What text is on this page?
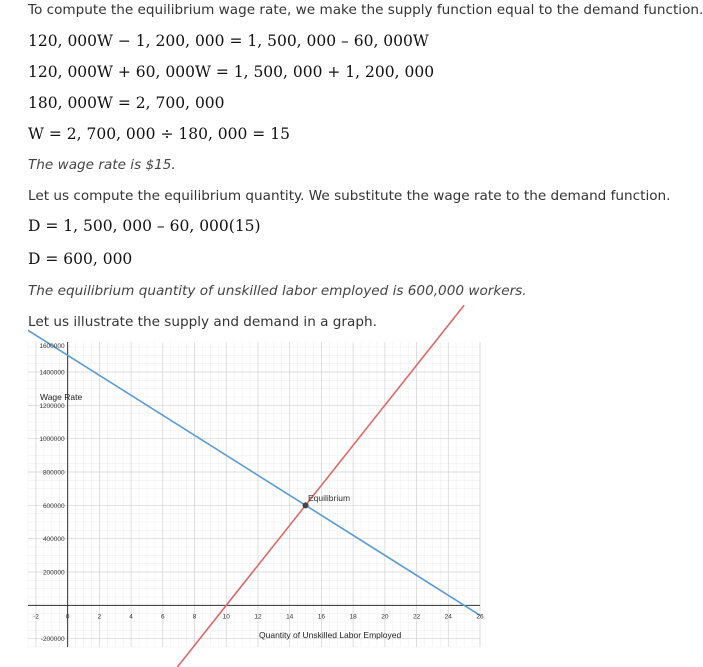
To compute the equilibrium wage rate, we make the supply function equal to the demand function.
120, 000W − 1, 200, 000 = 1, 500, 000 – 60, 000W
120, 000W + 60, 000W = 1, 500, 000 + 1, 200, 000
180, 000W = 2, 700, 000
W = 2, 700, 000 ÷ 180, 000 = 15
The wage rate is $15.
Let us compute the equilibrium quantity. We substitute the wage rate to the demand function.
D = 1, 500, 000 – 60, 000(15)
D = 600, 000
The equilibrium quantity of unskilled labor employed is 600,000 workers.
Let us illustrate the supply and demand in a graph.
-2	0	2	4	6	8	10	12	14	16	18	20	22	24	26
1600000
1400000
1200000
1000000
800000
600000
400000
200000
-200000
Wage Rate
Quantity of Unskilled Labor Employed
Equilibrium
